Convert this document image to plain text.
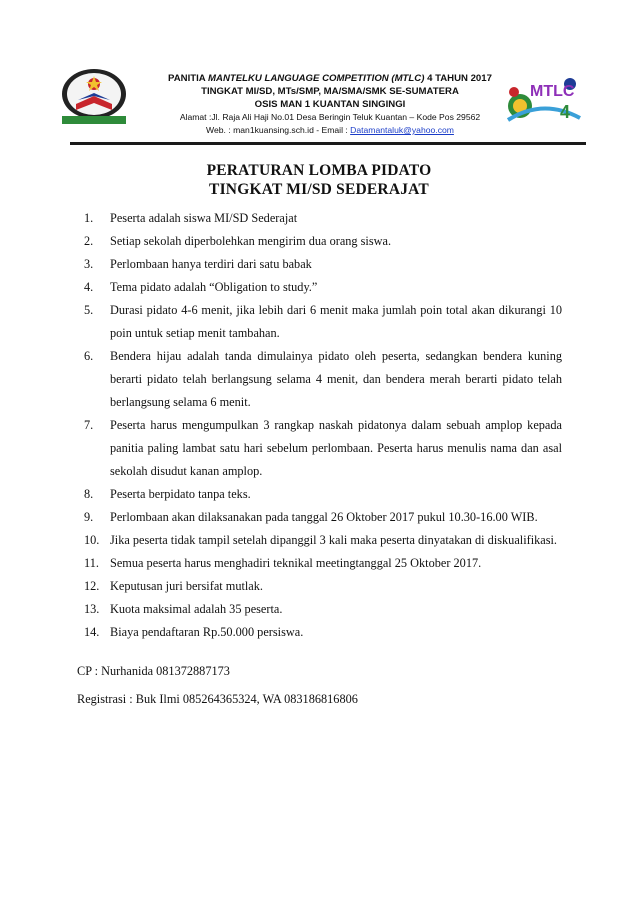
PANITIA MANTELKU LANGUAGE COMPETITION (MTLC) 4 TAHUN 2017
TINGKAT MI/SD, MTs/SMP, MA/SMA/SMK SE-SUMATERA
OSIS MAN 1 KUANTAN SINGINGI
Alamat :Jl. Raja Ali Haji No.01 Desa Beringin Teluk Kuantan – Kode Pos 29562
Web. : man1kuansing.sch.id - Email : Datamantaluk@yahoo.com
MTLC
4
PERATURAN LOMBA PIDATO
TINGKAT MI/SD SEDERAJAT
1. Peserta adalah siswa MI/SD Sederajat
2. Setiap sekolah diperbolehkan mengirim dua orang siswa.
3. Perlombaan hanya terdiri dari satu babak
4. Tema pidato adalah “Obligation to study.”
5. Durasi pidato 4-6 menit, jika lebih dari 6 menit maka jumlah poin total akan dikurangi 10 poin untuk setiap menit tambahan.
6. Bendera hijau adalah tanda dimulainya pidato oleh peserta, sedangkan bendera kuning berarti pidato telah berlangsung selama 4 menit, dan bendera merah berarti pidato telah berlangsung selama 6 menit.
7. Peserta harus mengumpulkan 3 rangkap naskah pidatonya dalam sebuah amplop kepada panitia paling lambat satu hari sebelum perlombaan. Peserta harus menulis nama dan asal sekolah disudut kanan amplop.
8. Peserta berpidato tanpa teks.
9. Perlombaan akan dilaksanakan pada tanggal 26 Oktober 2017 pukul 10.30-16.00 WIB.
10. Jika peserta tidak tampil setelah dipanggil 3 kali maka peserta dinyatakan di diskualifikasi.
11. Semua peserta harus menghadiri teknikal meetingtanggal 25 Oktober 2017.
12. Keputusan juri bersifat mutlak.
13. Kuota maksimal adalah 35 peserta.
14. Biaya pendaftaran Rp.50.000 persiswa.
CP : Nurhanida 081372887173
Registrasi : Buk Ilmi 085264365324, WA 083186816806
